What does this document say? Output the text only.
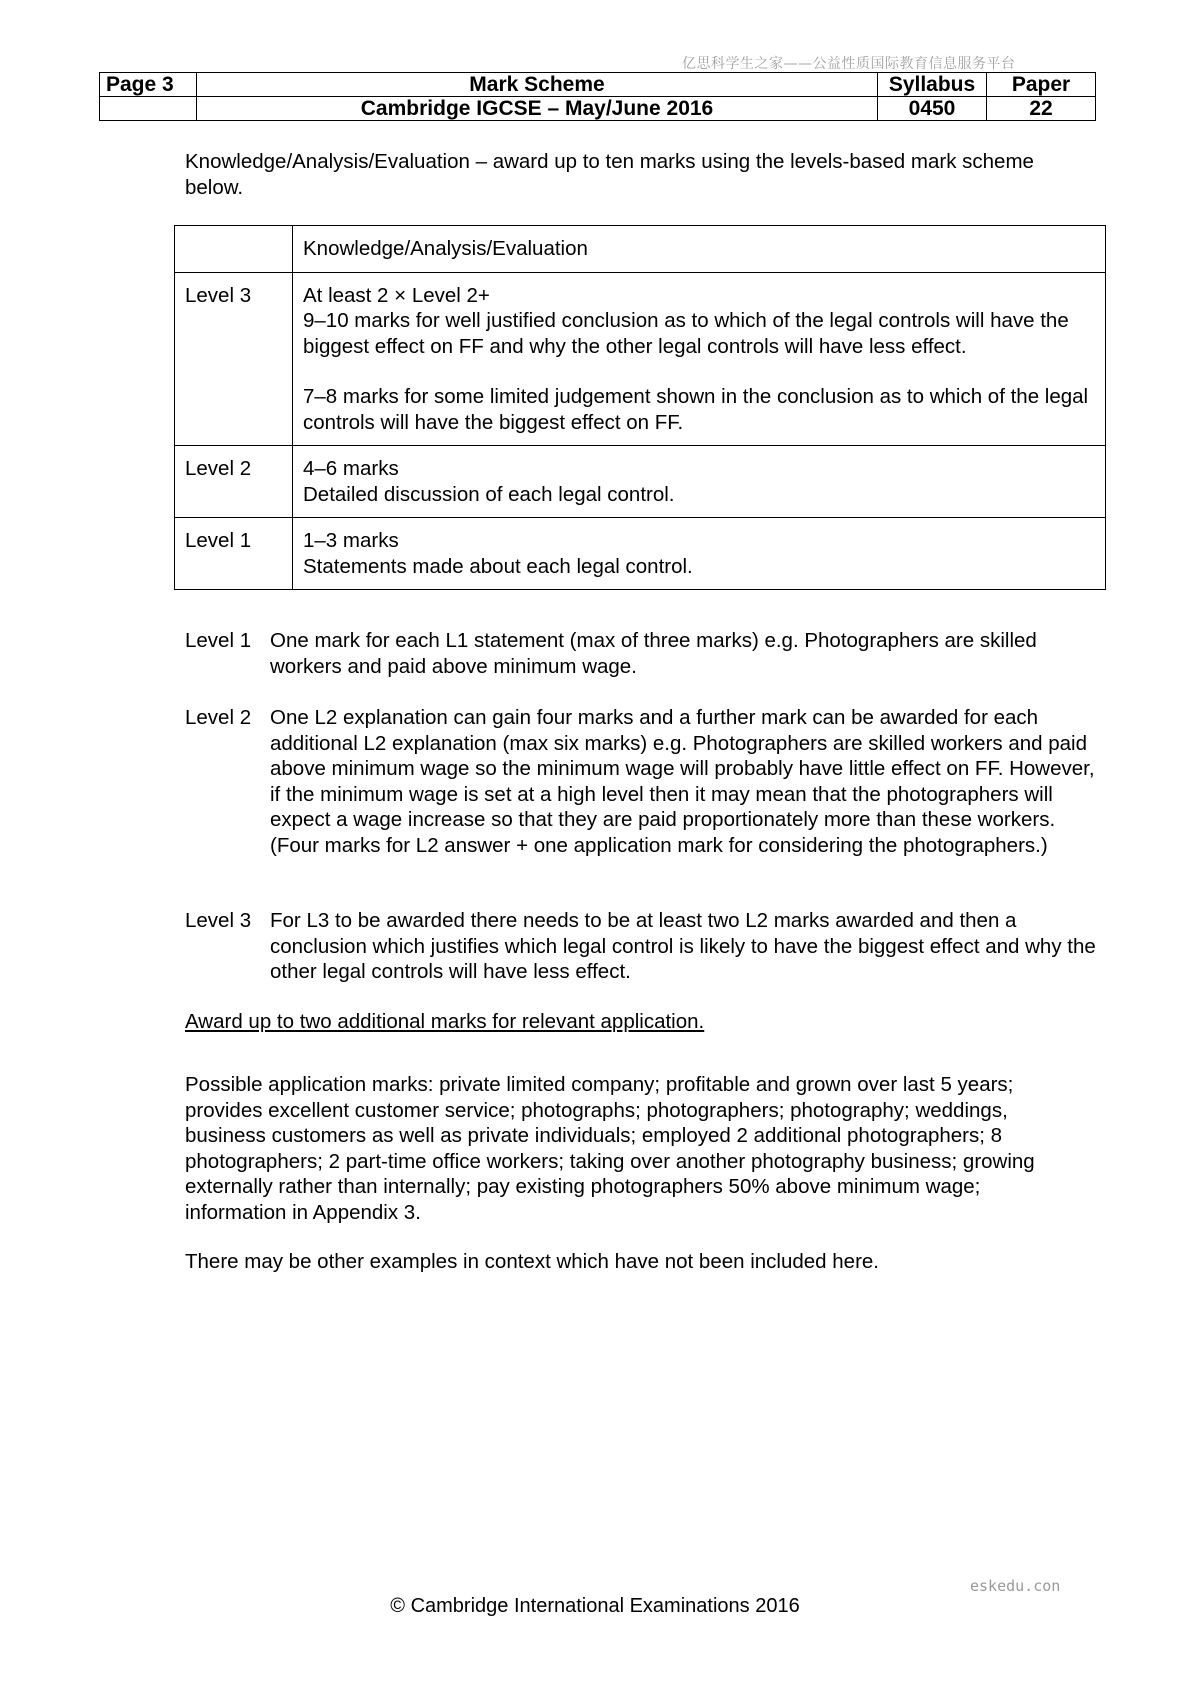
亿思科学生之家——公益性质国际教育信息服务平台
Page 3	Mark Scheme	Syllabus	Paper
	Cambridge IGCSE – May/June 2016	0450	22
Knowledge/Analysis/Evaluation – award up to ten marks using the levels-based mark scheme below.
	Knowledge/Analysis/Evaluation
Level 3	At least 2 × Level 2+

9–10 marks for well justified conclusion as to which of the legal controls will have the biggest effect on FF and why the other legal controls will have less effect.

7–8 marks for some limited judgement shown in the conclusion as to which of the legal controls will have the biggest effect on FF.

Level 2	4–6 marks

Detailed discussion of each legal control.

Level 1	1–3 marks

Statements made about each legal control.

Level 1 One mark for each L1 statement (max of three marks) e.g. Photographers are skilled workers and paid above minimum wage.
Level 2 One L2 explanation can gain four marks and a further mark can be awarded for each additional L2 explanation (max six marks) e.g. Photographers are skilled workers and paid above minimum wage so the minimum wage will probably have little effect on FF. However, if the minimum wage is set at a high level then it may mean that the photographers will expect a wage increase so that they are paid proportionately more than these workers. (Four marks for L2 answer + one application mark for considering the photographers.)
Level 3 For L3 to be awarded there needs to be at least two L2 marks awarded and then a conclusion which justifies which legal control is likely to have the biggest effect and why the other legal controls will have less effect.
Award up to two additional marks for relevant application.
Possible application marks: private limited company; profitable and grown over last 5 years; provides excellent customer service; photographs; photographers; photography; weddings, business customers as well as private individuals; employed 2 additional photographers; 8 photographers; 2 part-time office workers; taking over another photography business; growing externally rather than internally; pay existing photographers 50% above minimum wage; information in Appendix 3.
There may be other examples in context which have not been included here.
eskedu.con
© Cambridge International Examinations 2016
